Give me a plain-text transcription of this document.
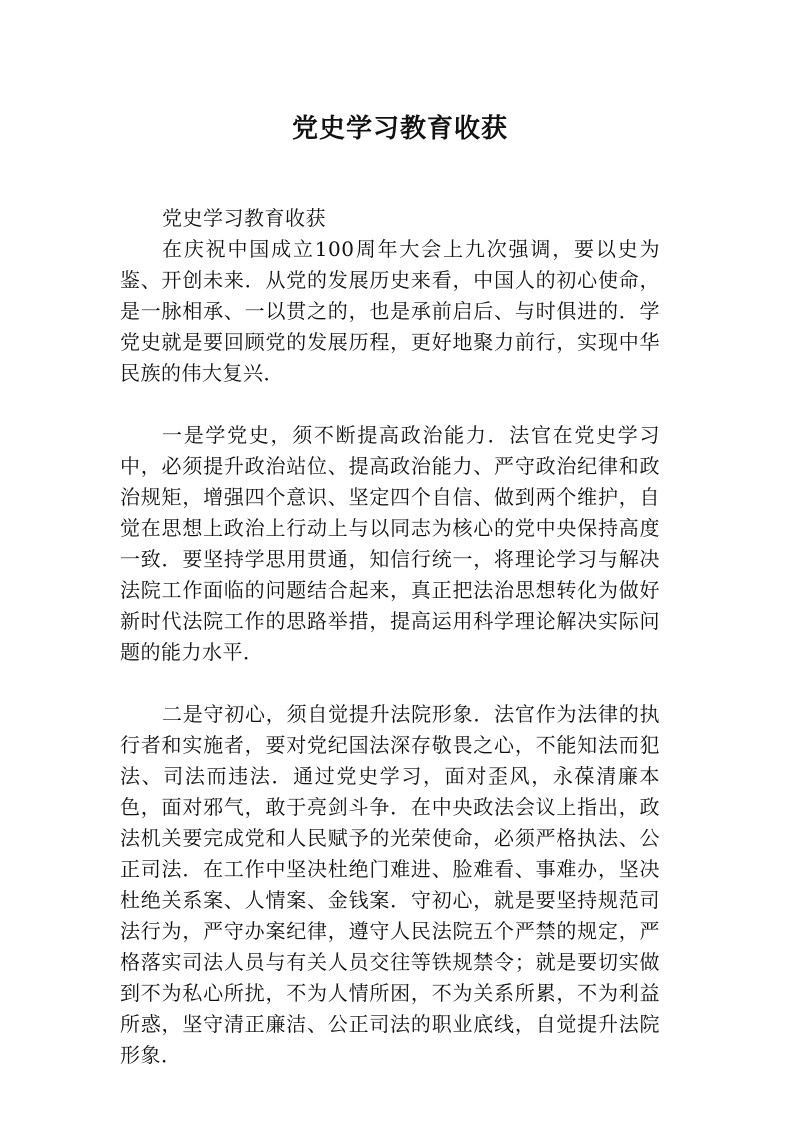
党史学习教育收获

党史学习教育收获

在庆祝中国成立100周年大会上九次强调，要以史为鉴、开创未来．从党的发展历史来看，中国人的初心使命，是一脉相承、一以贯之的，也是承前启后、与时俱进的．学党史就是要回顾党的发展历程，更好地聚力前行，实现中华民族的伟大复兴．

一是学党史，须不断提高政治能力．法官在党史学习中，必须提升政治站位、提高政治能力、严守政治纪律和政治规矩，增强四个意识、坚定四个自信、做到两个维护，自觉在思想上政治上行动上与以同志为核心的党中央保持高度一致．要坚持学思用贯通，知信行统一，将理论学习与解决法院工作面临的问题结合起来，真正把法治思想转化为做好新时代法院工作的思路举措，提高运用科学理论解决实际问题的能力水平．

二是守初心，须自觉提升法院形象．法官作为法律的执行者和实施者，要对党纪国法深存敬畏之心，不能知法而犯法、司法而违法．通过党史学习，面对歪风，永葆清廉本色，面对邪气，敢于亮剑斗争．在中央政法会议上指出，政法机关要完成党和人民赋予的光荣使命，必须严格执法、公正司法．在工作中坚决杜绝门难进、脸难看、事难办，坚决杜绝关系案、人情案、金钱案．守初心，就是要坚持规范司法行为，严守办案纪律，遵守人民法院五个严禁的规定，严格落实司法人员与有关人员交往等铁规禁令；就是要切实做到不为私心所扰，不为人情所困，不为关系所累，不为利益所惑，坚守清正廉洁、公正司法的职业底线，自觉提升法院形象．
